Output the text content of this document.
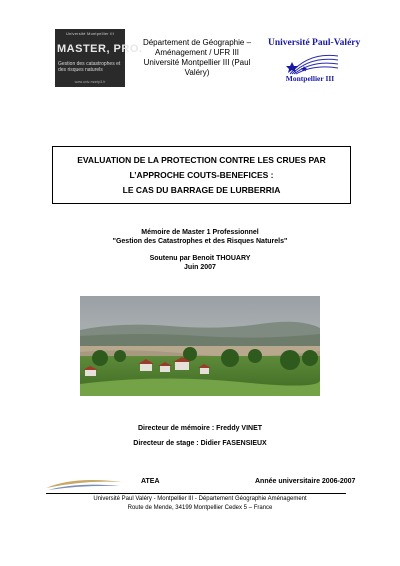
Université Montpellier III
MASTER, PRO.
Gestion des catastrophes et des risques naturels
www.univ-montp3.fr
Département de Géographie –
Aménagement / UFR III
Université Montpellier III (Paul
Valéry)
Université Paul-Valéry
Montpellier III
EVALUATION DE LA PROTECTION CONTRE LES CRUES PAR
L’APPROCHE COUTS-BENEFICES :
LE CAS DU BARRAGE DE LURBERRIA
Mémoire de Master 1 Professionnel
"Gestion des Catastrophes et des Risques Naturels"
Soutenu par Benoit THOUARY
Juin 2007
Directeur de mémoire : Freddy VINET
Directeur de stage : Didier FASENSIEUX
ATEA	Année universitaire 2006-2007
Université Paul Valéry - Montpellier III - Département Géographie Aménagement
Route de Mende, 34199 Montpellier Cedex 5 – France
